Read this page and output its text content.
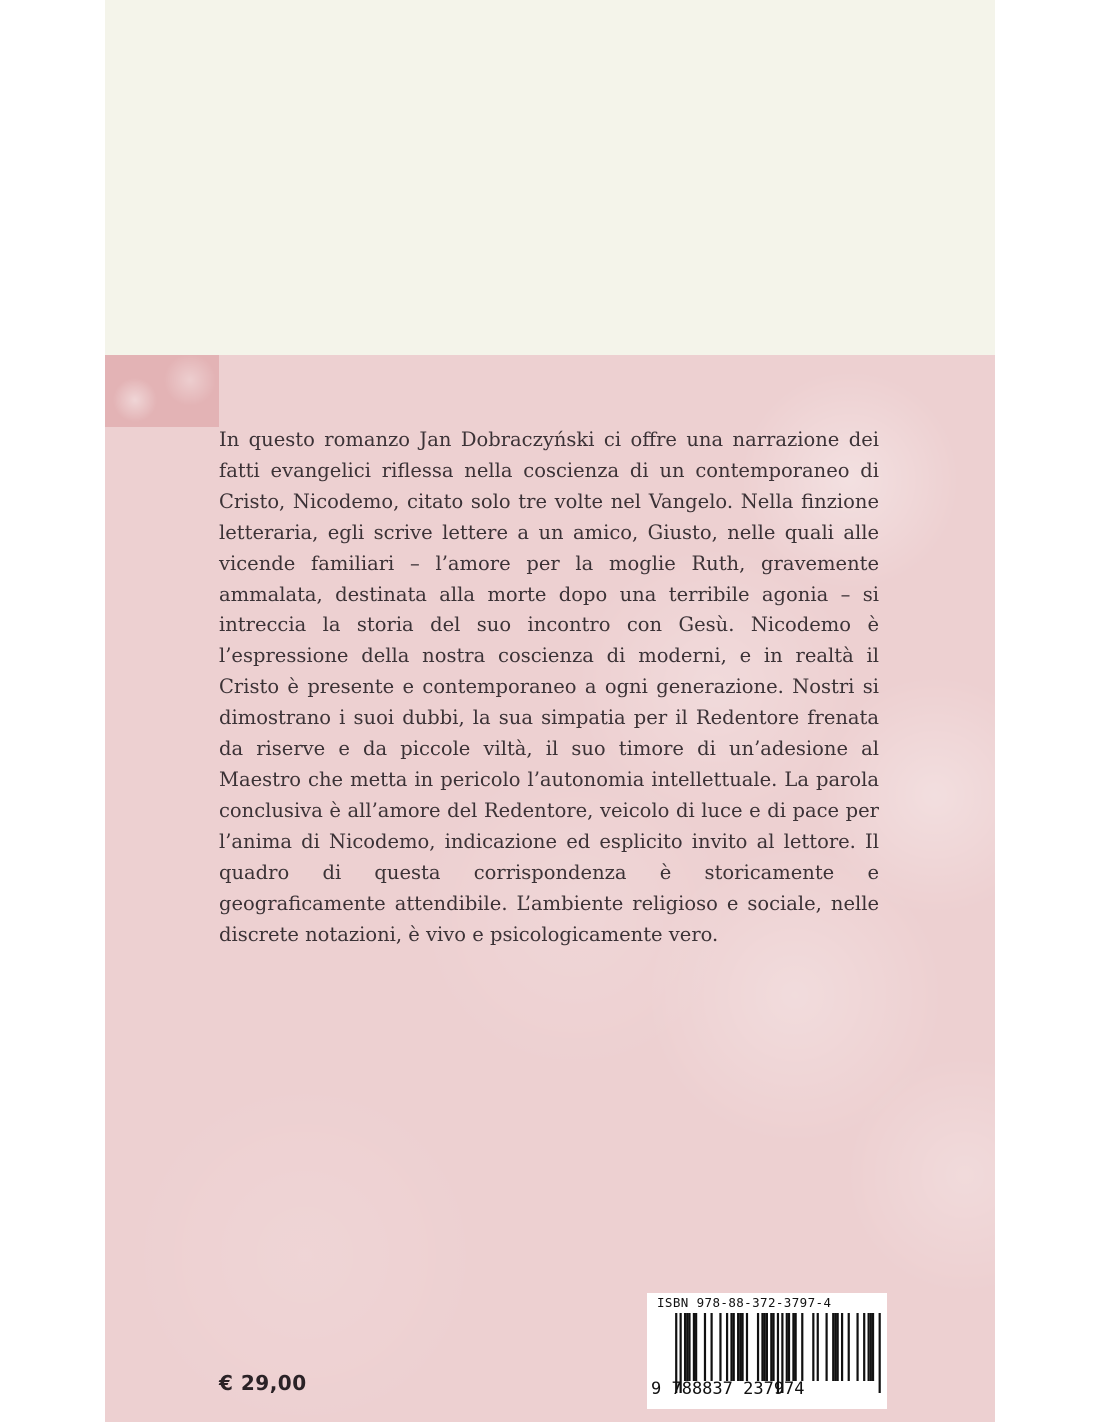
In questo romanzo Jan Dobraczyński ci offre una narrazione dei fatti evangelici riflessa nella coscienza di un contemporaneo di Cristo, Nicodemo, citato solo tre volte nel Vangelo. Nella finzione letteraria, egli scrive lettere a un amico, Giusto, nelle quali alle vicende familiari – l’amore per la moglie Ruth, gravemente ammalata, destinata alla morte dopo una terribile agonia – si intreccia la storia del suo incontro con Gesù. Nicodemo è l’espressione della nostra coscienza di moderni, e in realtà il Cristo è presente e contemporaneo a ogni generazione. Nostri si dimostrano i suoi dubbi, la sua simpatia per il Redentore frenata da riserve e da piccole viltà, il suo timore di un’adesione al Maestro che metta in pericolo l’autonomia intellettuale. La parola conclusiva è all’amore del Redentore, veicolo di luce e di pace per l’anima di Nicodemo, indicazione ed esplicito invito al lettore. Il quadro di questa corrispondenza è storicamente e geograficamente attendibile. L’ambiente religioso e sociale, nelle discrete notazioni, è vivo e psicologicamente vero.

€ 29,00
ISBN 978-88-372-3797-4
9 788837 237974
